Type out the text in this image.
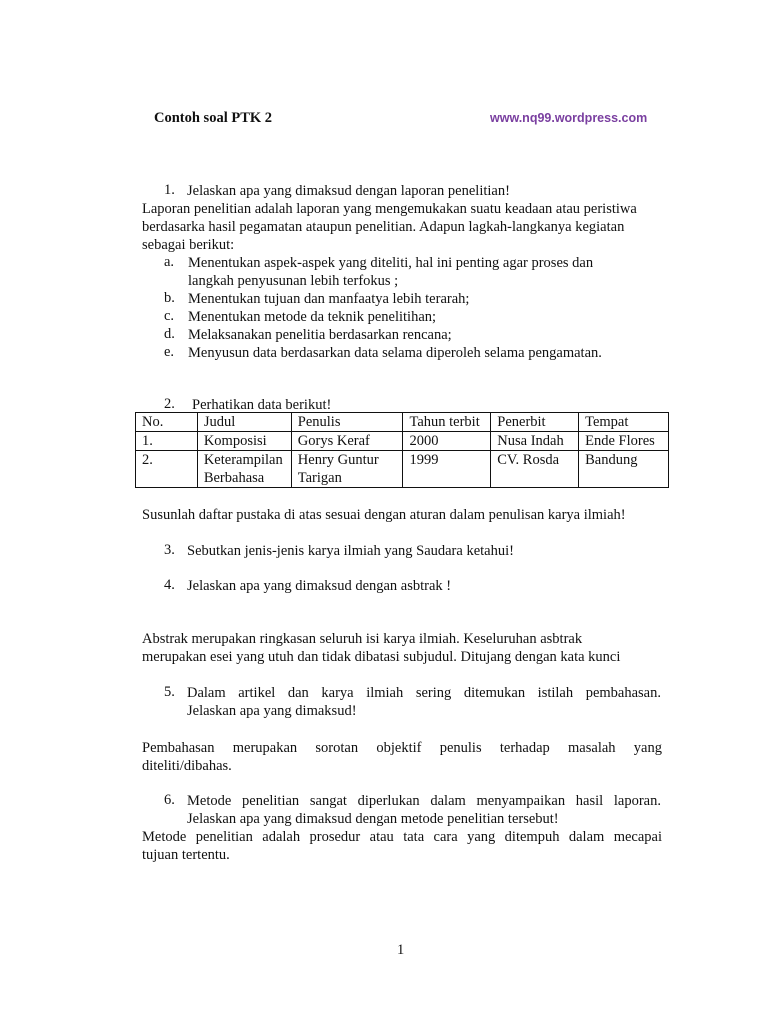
Contoh soal PTK 2	www.nq99.wordpress.com
1. Jelaskan apa yang dimaksud dengan laporan penelitian!
Laporan penelitian adalah laporan yang mengemukakan suatu keadaan atau peristiwa
berdasarka hasil pegamatan ataupun penelitian. Adapun lagkah-langkanya kegiatan
sebagai berikut:
a. Menentukan aspek-aspek yang diteliti, hal ini penting agar proses dan
langkah penyusunan lebih terfokus ;
b. Menentukan tujuan dan manfaatya lebih terarah;
c. Menentukan metode da teknik penelitihan;
d. Melaksanakan penelitia berdasarkan rencana;
e. Menyusun data berdasarkan data selama diperoleh selama pengamatan.
2. Perhatikan data berikut!
No.	Judul	Penulis	Tahun terbit	Penerbit	Tempat
1.	Komposisi	Gorys Keraf	2000	Nusa Indah	Ende Flores
2.	Keterampilan Berbahasa	Henry Guntur Tarigan	1999	CV. Rosda	Bandung
Susunlah daftar pustaka di atas sesuai dengan aturan dalam penulisan karya ilmiah!
3. Sebutkan jenis-jenis karya ilmiah yang Saudara ketahui!
4. Jelaskan apa yang dimaksud dengan asbtrak !
Abstrak merupakan ringkasan seluruh isi karya ilmiah. Keseluruhan asbtrak
merupakan esei yang utuh dan tidak dibatasi subjudul. Ditujang dengan kata kunci
5. Dalam artikel dan karya ilmiah sering ditemukan istilah pembahasan.
Jelaskan apa yang dimaksud!
Pembahasan merupakan sorotan objektif penulis terhadap masalah yang
diteliti/dibahas.
6. Metode penelitian sangat diperlukan dalam menyampaikan hasil laporan.
Jelaskan apa yang dimaksud dengan metode penelitian tersebut!
Metode penelitian adalah prosedur atau tata cara yang ditempuh dalam mecapai
tujuan tertentu.
1
